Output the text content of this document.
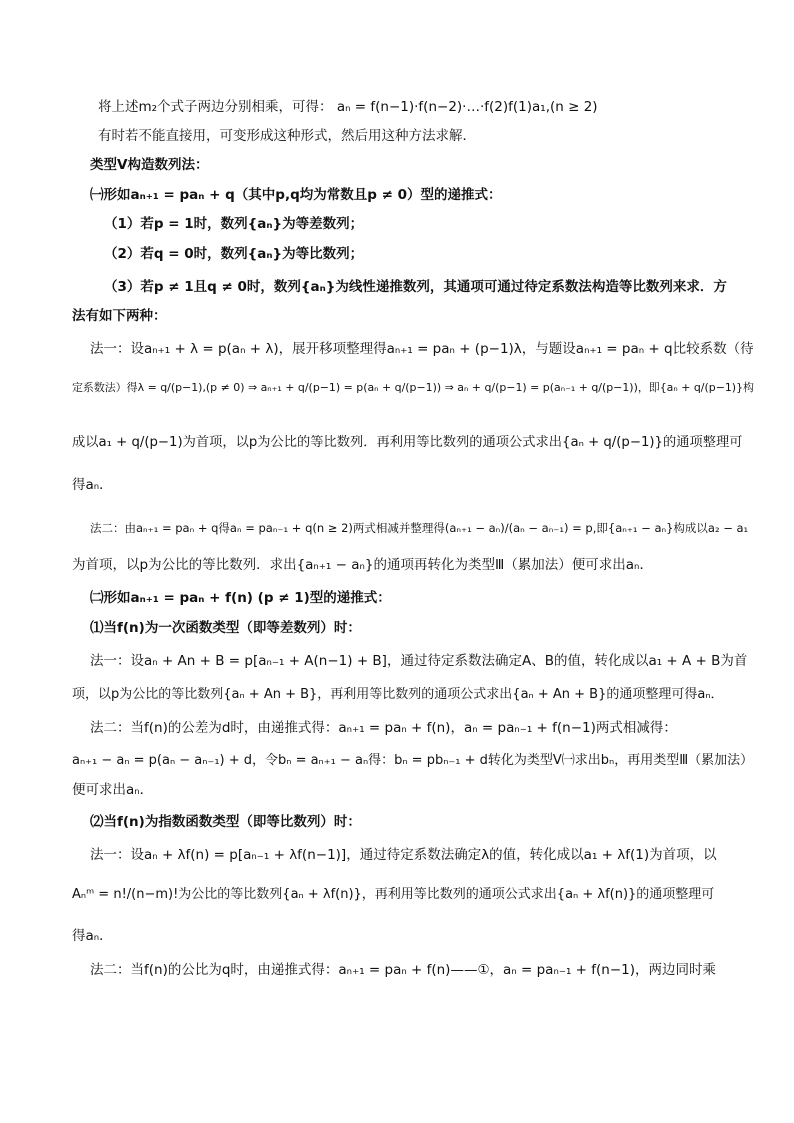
将上述m₂个式子两边分别相乘，可得： aₙ = f(n−1)·f(n−2)·…·f(2)f(1)a₁,(n ≥ 2)
有时若不能直接用，可变形成这种形式，然后用这种方法求解．
类型Ⅴ构造数列法：
㈠形如aₙ₊₁ = paₙ + q（其中p,q均为常数且p ≠ 0）型的递推式：
（1）若p = 1时，数列{aₙ}为等差数列；
（2）若q = 0时，数列{aₙ}为等比数列；
（3）若p ≠ 1且q ≠ 0时，数列{aₙ}为线性递推数列，其通项可通过待定系数法构造等比数列来求．方
法有如下两种：
法一：设aₙ₊₁ + λ = p(aₙ + λ)，展开移项整理得aₙ₊₁ = paₙ + (p−1)λ，与题设aₙ₊₁ = paₙ + q比较系数（待
定系数法）得λ = q/(p−1),(p ≠ 0) ⇒ aₙ₊₁ + q/(p−1) = p(aₙ + q/(p−1)) ⇒ aₙ + q/(p−1) = p(aₙ₋₁ + q/(p−1))，即{aₙ + q/(p−1)}构
成以a₁ + q/(p−1)为首项，以p为公比的等比数列．再利用等比数列的通项公式求出{aₙ + q/(p−1)}的通项整理可
得aₙ．
法二：由aₙ₊₁ = paₙ + q得aₙ = paₙ₋₁ + q(n ≥ 2)两式相减并整理得(aₙ₊₁ − aₙ)/(aₙ − aₙ₋₁) = p,即{aₙ₊₁ − aₙ}构成以a₂ − a₁
为首项，以p为公比的等比数列．求出{aₙ₊₁ − aₙ}的通项再转化为类型Ⅲ（累加法）便可求出aₙ．
㈡形如aₙ₊₁ = paₙ + f(n) (p ≠ 1)型的递推式：
⑴当f(n)为一次函数类型（即等差数列）时：
法一：设aₙ + An + B = p[aₙ₋₁ + A(n−1) + B]，通过待定系数法确定A、B的值，转化成以a₁ + A + B为首
项，以p为公比的等比数列{aₙ + An + B}，再利用等比数列的通项公式求出{aₙ + An + B}的通项整理可得aₙ．
法二：当f(n)的公差为d时，由递推式得：aₙ₊₁ = paₙ + f(n)，aₙ = paₙ₋₁ + f(n−1)两式相减得：
aₙ₊₁ − aₙ = p(aₙ − aₙ₋₁) + d，令bₙ = aₙ₊₁ − aₙ得：bₙ = pbₙ₋₁ + d转化为类型Ⅴ㈠求出bₙ，再用类型Ⅲ（累加法）
便可求出aₙ．
⑵当f(n)为指数函数类型（即等比数列）时：
法一：设aₙ + λf(n) = p[aₙ₋₁ + λf(n−1)]，通过待定系数法确定λ的值，转化成以a₁ + λf(1)为首项，以
Aₙᵐ = n!/(n−m)!为公比的等比数列{aₙ + λf(n)}，再利用等比数列的通项公式求出{aₙ + λf(n)}的通项整理可
得aₙ．
法二：当f(n)的公比为q时，由递推式得：aₙ₊₁ = paₙ + f(n)——①，aₙ = paₙ₋₁ + f(n−1)，两边同时乘
